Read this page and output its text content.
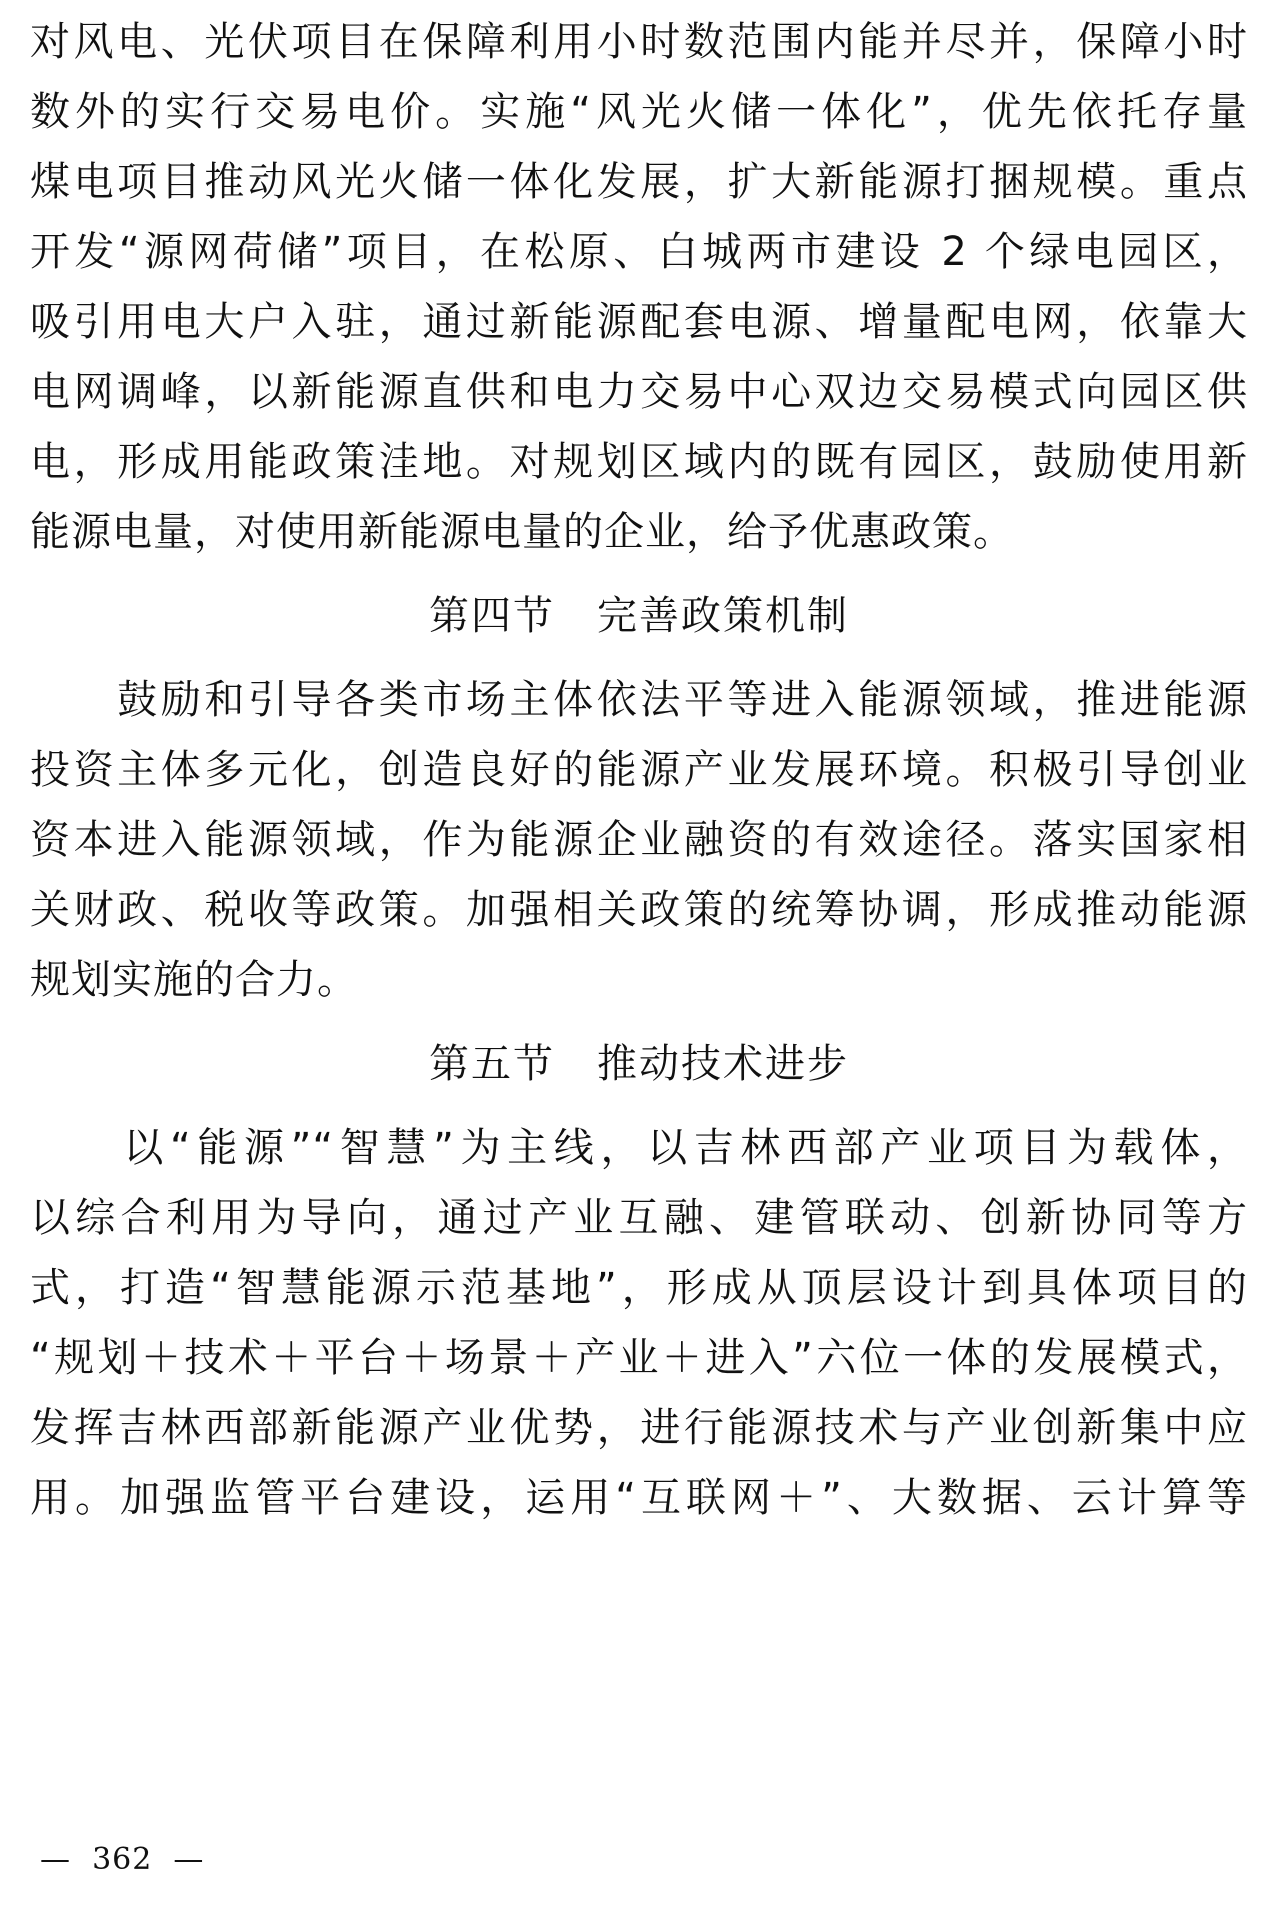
对风电、光伏项目在保障利用小时数范围内能并尽并，保障小时
数外的实行交易电价。实施“风光火储一体化”，优先依托存量
煤电项目推动风光火储一体化发展，扩大新能源打捆规模。重点
开发“源网荷储”项目，在松原、白城两市建设 2 个绿电园区，
吸引用电大户入驻，通过新能源配套电源、增量配电网，依靠大
电网调峰，以新能源直供和电力交易中心双边交易模式向园区供
电，形成用能政策洼地。对规划区域内的既有园区，鼓励使用新
能源电量，对使用新能源电量的企业，给予优惠政策。
第四节　完善政策机制
　　鼓励和引导各类市场主体依法平等进入能源领域，推进能源
投资主体多元化，创造良好的能源产业发展环境。积极引导创业
资本进入能源领域，作为能源企业融资的有效途径。落实国家相
关财政、税收等政策。加强相关政策的统筹协调，形成推动能源
规划实施的合力。
第五节　推动技术进步
　　以“能源”“智慧”为主线，以吉林西部产业项目为载体，
以综合利用为导向，通过产业互融、建管联动、创新协同等方
式，打造“智慧能源示范基地”，形成从顶层设计到具体项目的
“规划＋技术＋平台＋场景＋产业＋进入”六位一体的发展模式，
发挥吉林西部新能源产业优势，进行能源技术与产业创新集中应
用。加强监管平台建设，运用“互联网＋”、大数据、云计算等
—  362  —
